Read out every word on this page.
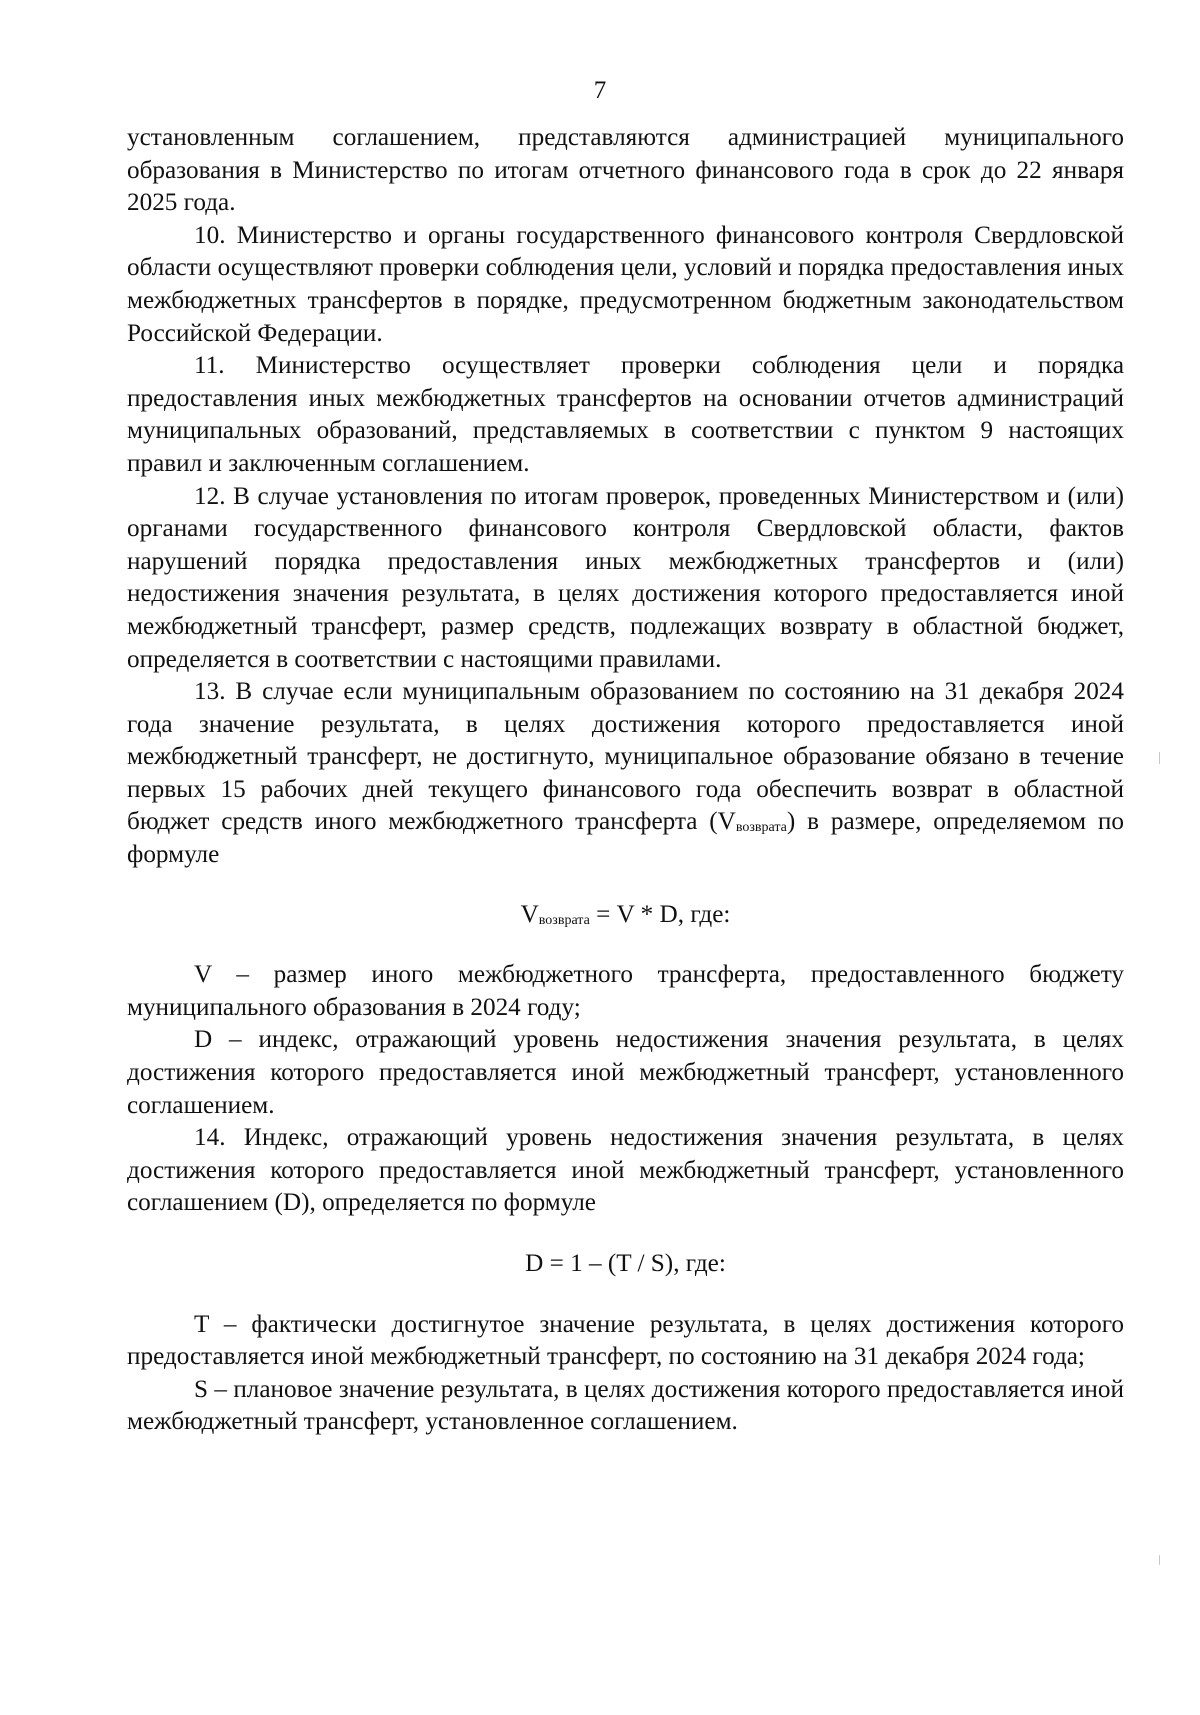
7

установленным соглашением, представляются администрацией муниципального образования в Министерство по итогам отчетного финансового года в срок до 22 января 2025 года.

10. Министерство и органы государственного финансового контроля Свердловской области осуществляют проверки соблюдения цели, условий и порядка предоставления иных межбюджетных трансфертов в порядке, предусмотренном бюджетным законодательством Российской Федерации.

11. Министерство осуществляет проверки соблюдения цели и порядка предоставления иных межбюджетных трансфертов на основании отчетов администраций муниципальных образований, представляемых в соответствии с пунктом 9 настоящих правил и заключенным соглашением.

12. В случае установления по итогам проверок, проведенных Министерством и (или) органами государственного финансового контроля Свердловской области, фактов нарушений порядка предоставления иных межбюджетных трансфертов и (или) недостижения значения результата, в целях достижения которого предоставляется иной межбюджетный трансферт, размер средств, подлежащих возврату в областной бюджет, определяется в соответствии с настоящими правилами.

13. В случае если муниципальным образованием по состоянию на 31 декабря 2024 года значение результата, в целях достижения которого предоставляется иной межбюджетный трансферт, не достигнуто, муниципальное образование обязано в течение первых 15 рабочих дней текущего финансового года обеспечить возврат в областной бюджет средств иного межбюджетного трансферта (Vвозврата) в размере, определяемом по формуле

$V_{возврата} = V * D$, где:

V – размер иного межбюджетного трансферта, предоставленного бюджету муниципального образования в 2024 году;

D – индекс, отражающий уровень недостижения значения результата, в целях достижения которого предоставляется иной межбюджетный трансферт, установленного соглашением.

14. Индекс, отражающий уровень недостижения значения результата, в целях достижения которого предоставляется иной межбюджетный трансферт, установленного соглашением (D), определяется по формуле

D = 1 – (T / S), где:

T – фактически достигнутое значение результата, в целях достижения которого предоставляется иной межбюджетный трансферт, по состоянию на 31 декабря 2024 года;

S – плановое значение результата, в целях достижения которого предоставляется иной межбюджетный трансферт, установленное соглашением.
